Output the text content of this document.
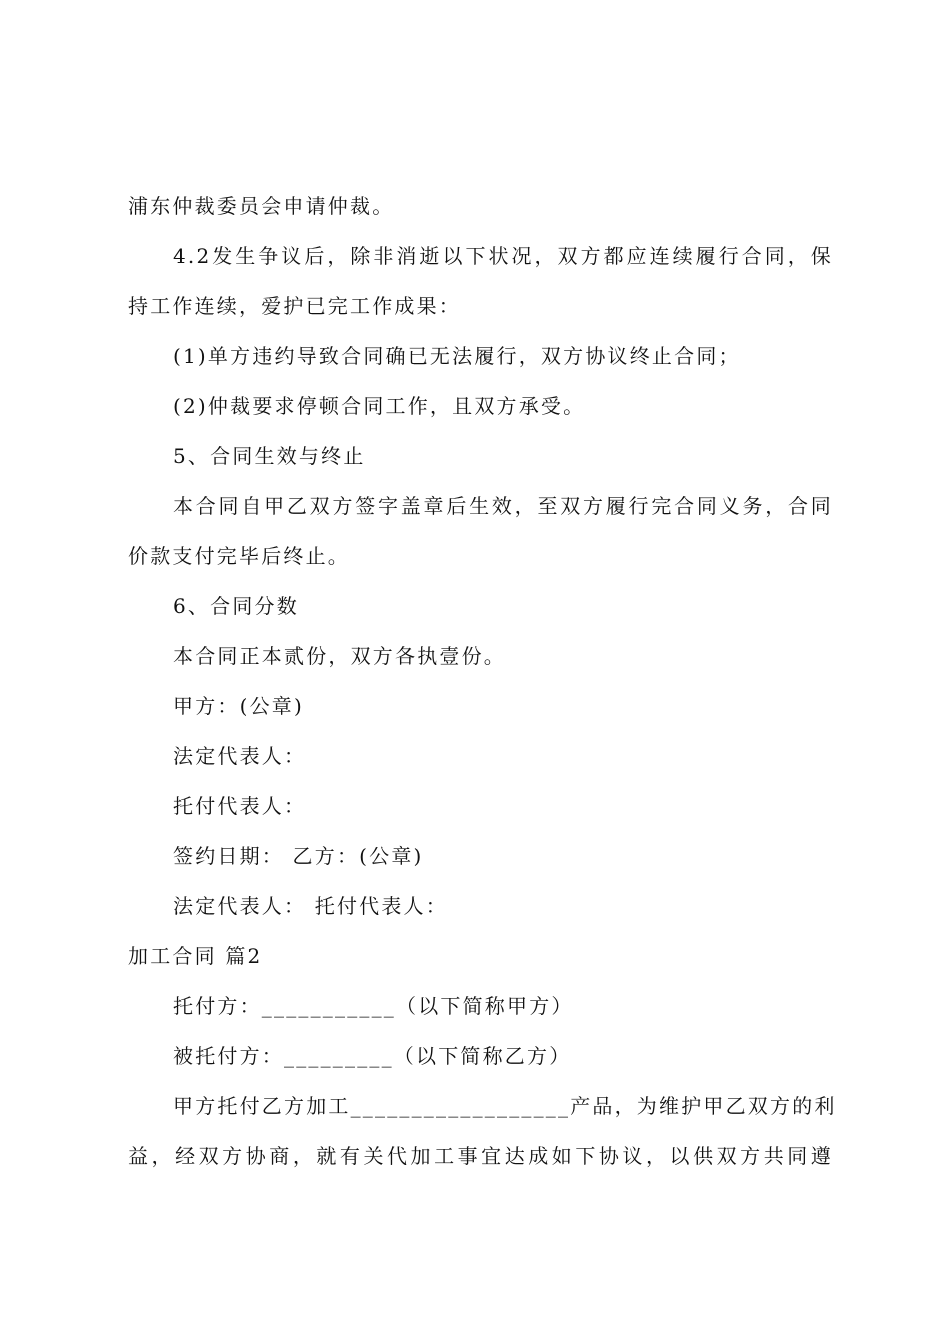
浦东仲裁委员会申请仲裁。
4.2发生争议后，除非消逝以下状况，双方都应连续履行合同，保
持工作连续，爱护已完工作成果：
(1)单方违约导致合同确已无法履行，双方协议终止合同；
(2)仲裁要求停顿合同工作，且双方承受。
5、合同生效与终止
本合同自甲乙双方签字盖章后生效，至双方履行完合同义务，合同
价款支付完毕后终止。
6、合同分数
本合同正本贰份，双方各执壹份。
甲方：(公章)
法定代表人：
托付代表人：
签约日期： 乙方：(公章)
法定代表人： 托付代表人：
加工合同 篇2
托付方：___________（以下简称甲方）
被托付方：_________（以下简称乙方）
甲方托付乙方加工__________________产品，为维护甲乙双方的利
益，经双方协商，就有关代加工事宜达成如下协议，以供双方共同遵
